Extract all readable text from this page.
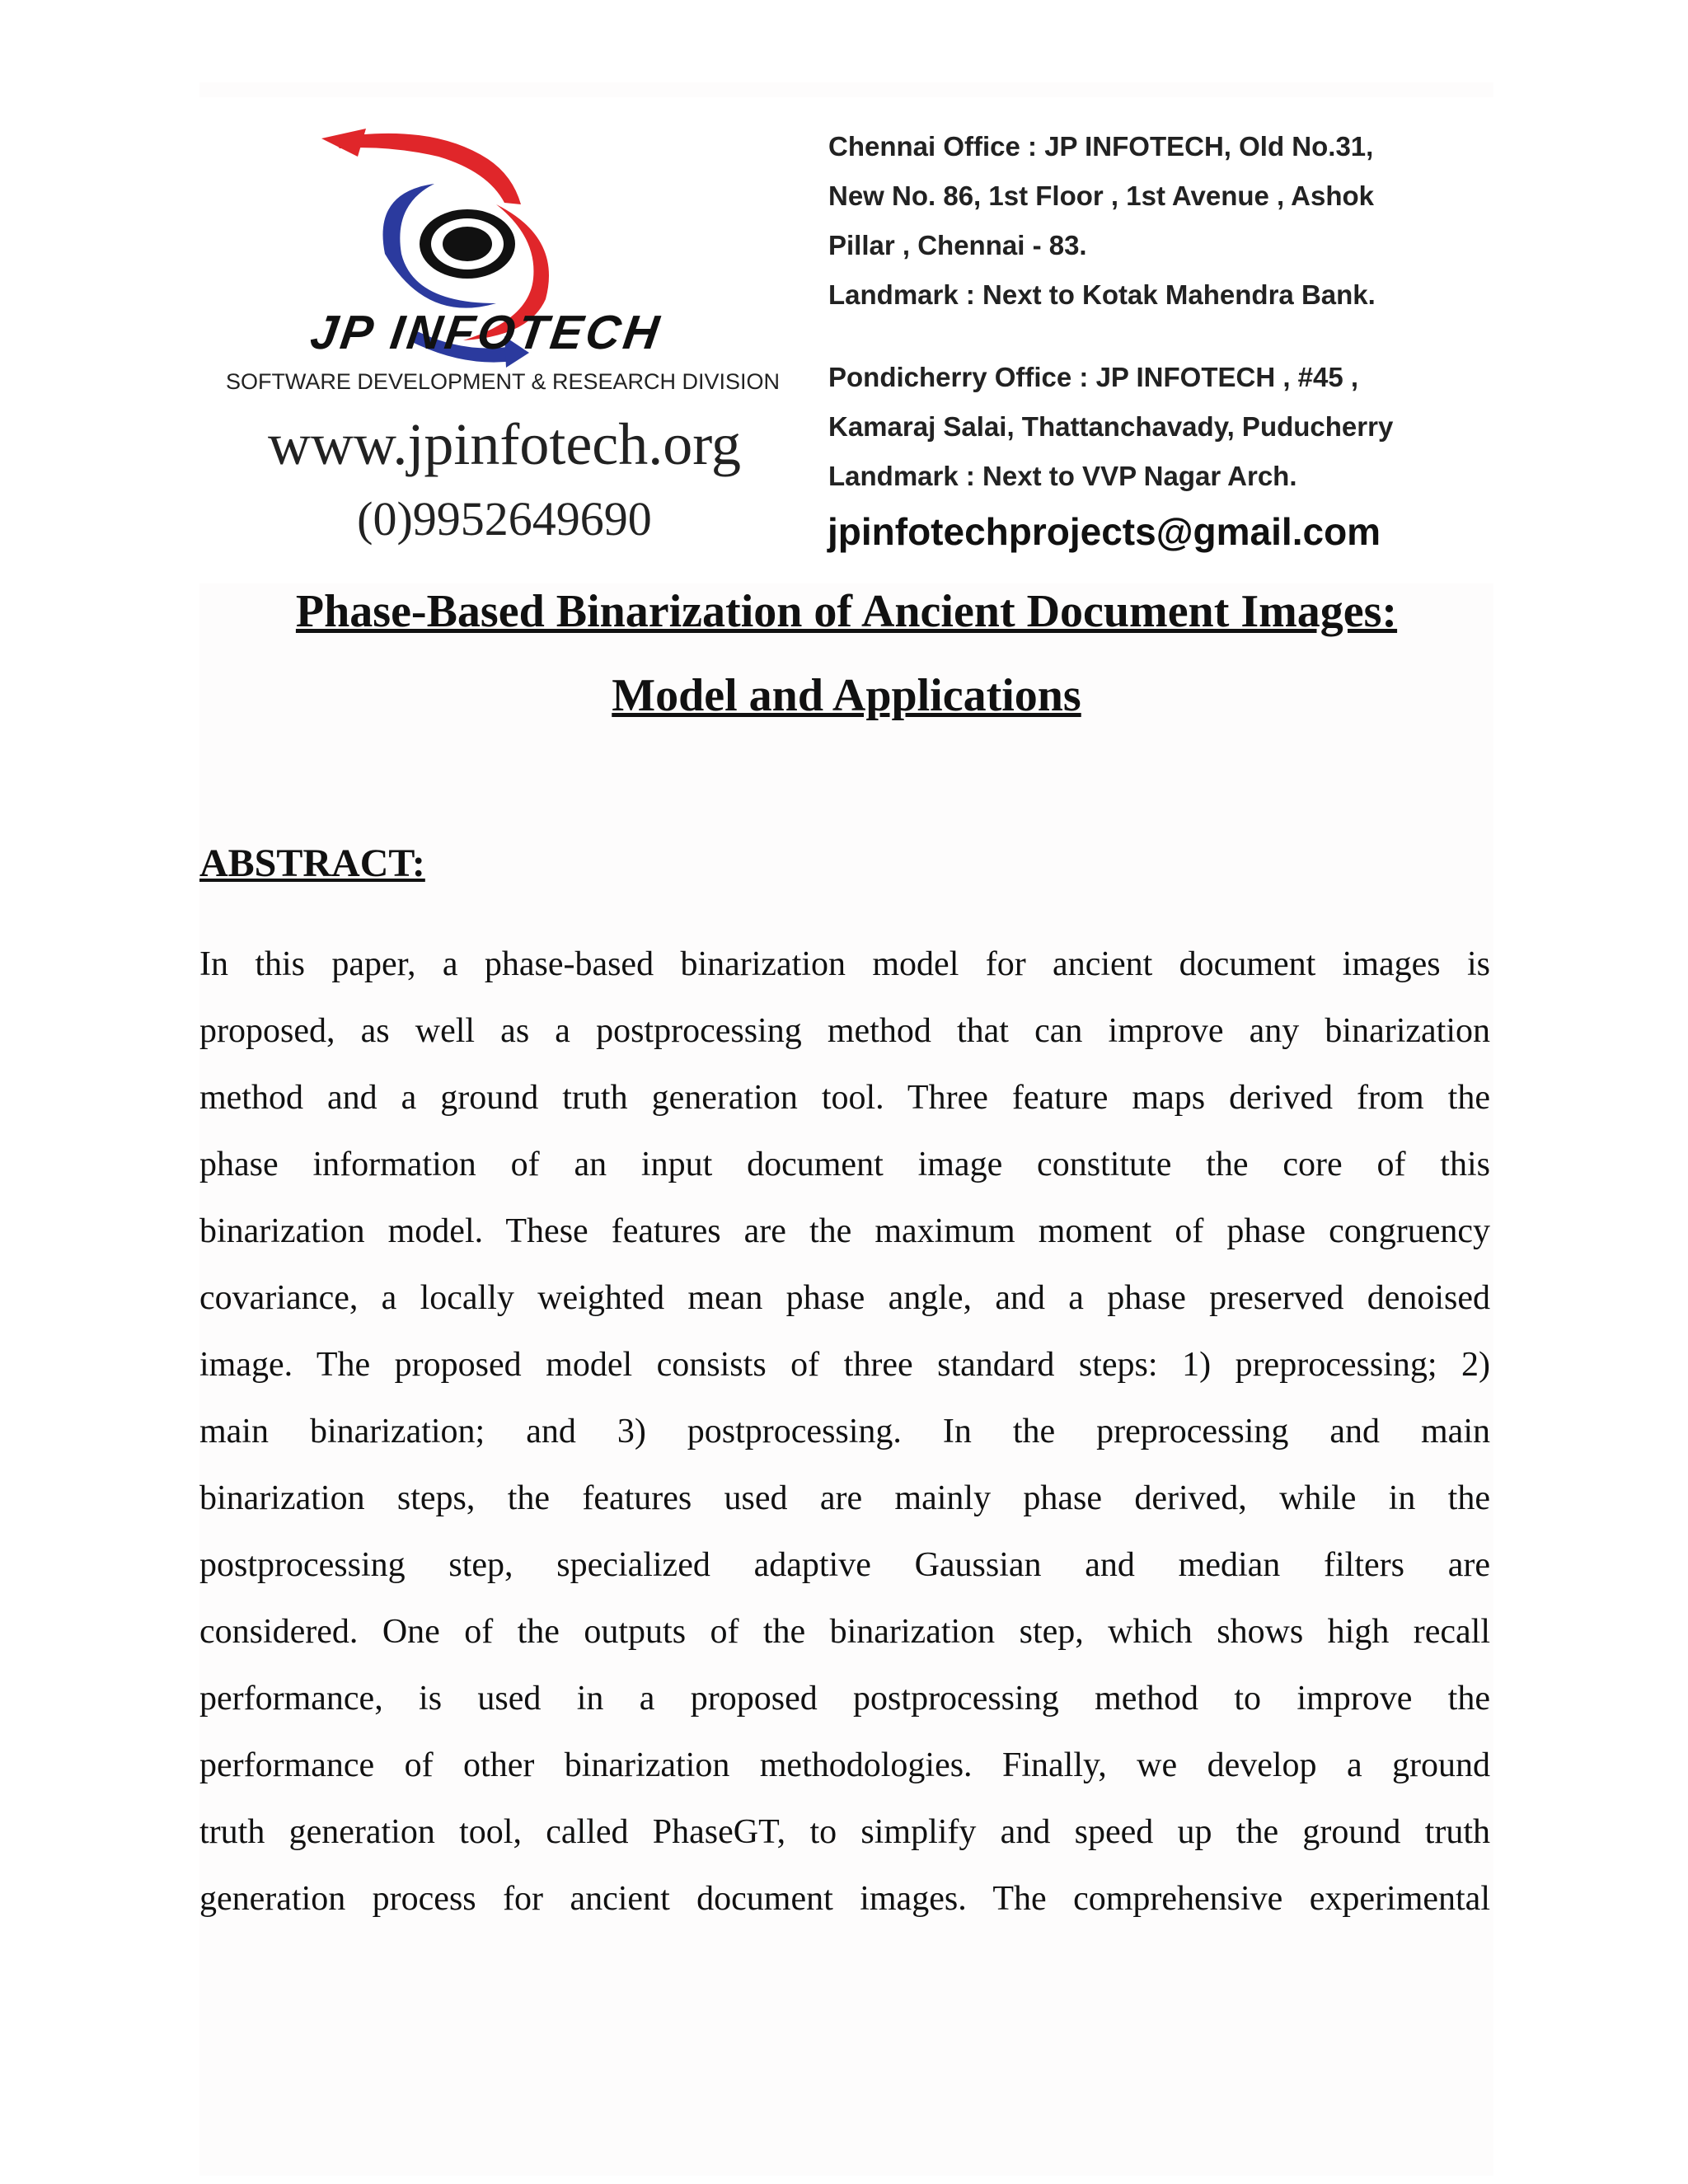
JP INFOTECH
SOFTWARE DEVELOPMENT & RESEARCH DIVISION
www.jpinfotech.org
(0)9952649690
Chennai Office : JP INFOTECH, Old No.31,
New No. 86, 1st Floor , 1st Avenue , Ashok
Pillar , Chennai - 83.
Landmark : Next to Kotak Mahendra Bank.
Pondicherry Office : JP INFOTECH , #45 ,
Kamaraj Salai, Thattanchavady, Puducherry
Landmark : Next to VVP Nagar Arch.
jpinfotechprojects@gmail.com
Phase-Based Binarization of Ancient Document Images:
Model and Applications
ABSTRACT:
In this paper, a phase-based binarization model for ancient document images is
proposed, as well as a postprocessing method that can improve any binarization
method and a ground truth generation tool. Three feature maps derived from the
phase information of an input document image constitute the core of this
binarization model. These features are the maximum moment of phase congruency
covariance, a locally weighted mean phase angle, and a phase preserved denoised
image. The proposed model consists of three standard steps: 1) preprocessing; 2)
main binarization; and 3) postprocessing. In the preprocessing and main
binarization steps, the features used are mainly phase derived, while in the
postprocessing step, specialized adaptive Gaussian and median filters are
considered. One of the outputs of the binarization step, which shows high recall
performance, is used in a proposed postprocessing method to improve the
performance of other binarization methodologies. Finally, we develop a ground
truth generation tool, called PhaseGT, to simplify and speed up the ground truth
generation process for ancient document images. The comprehensive experimental
